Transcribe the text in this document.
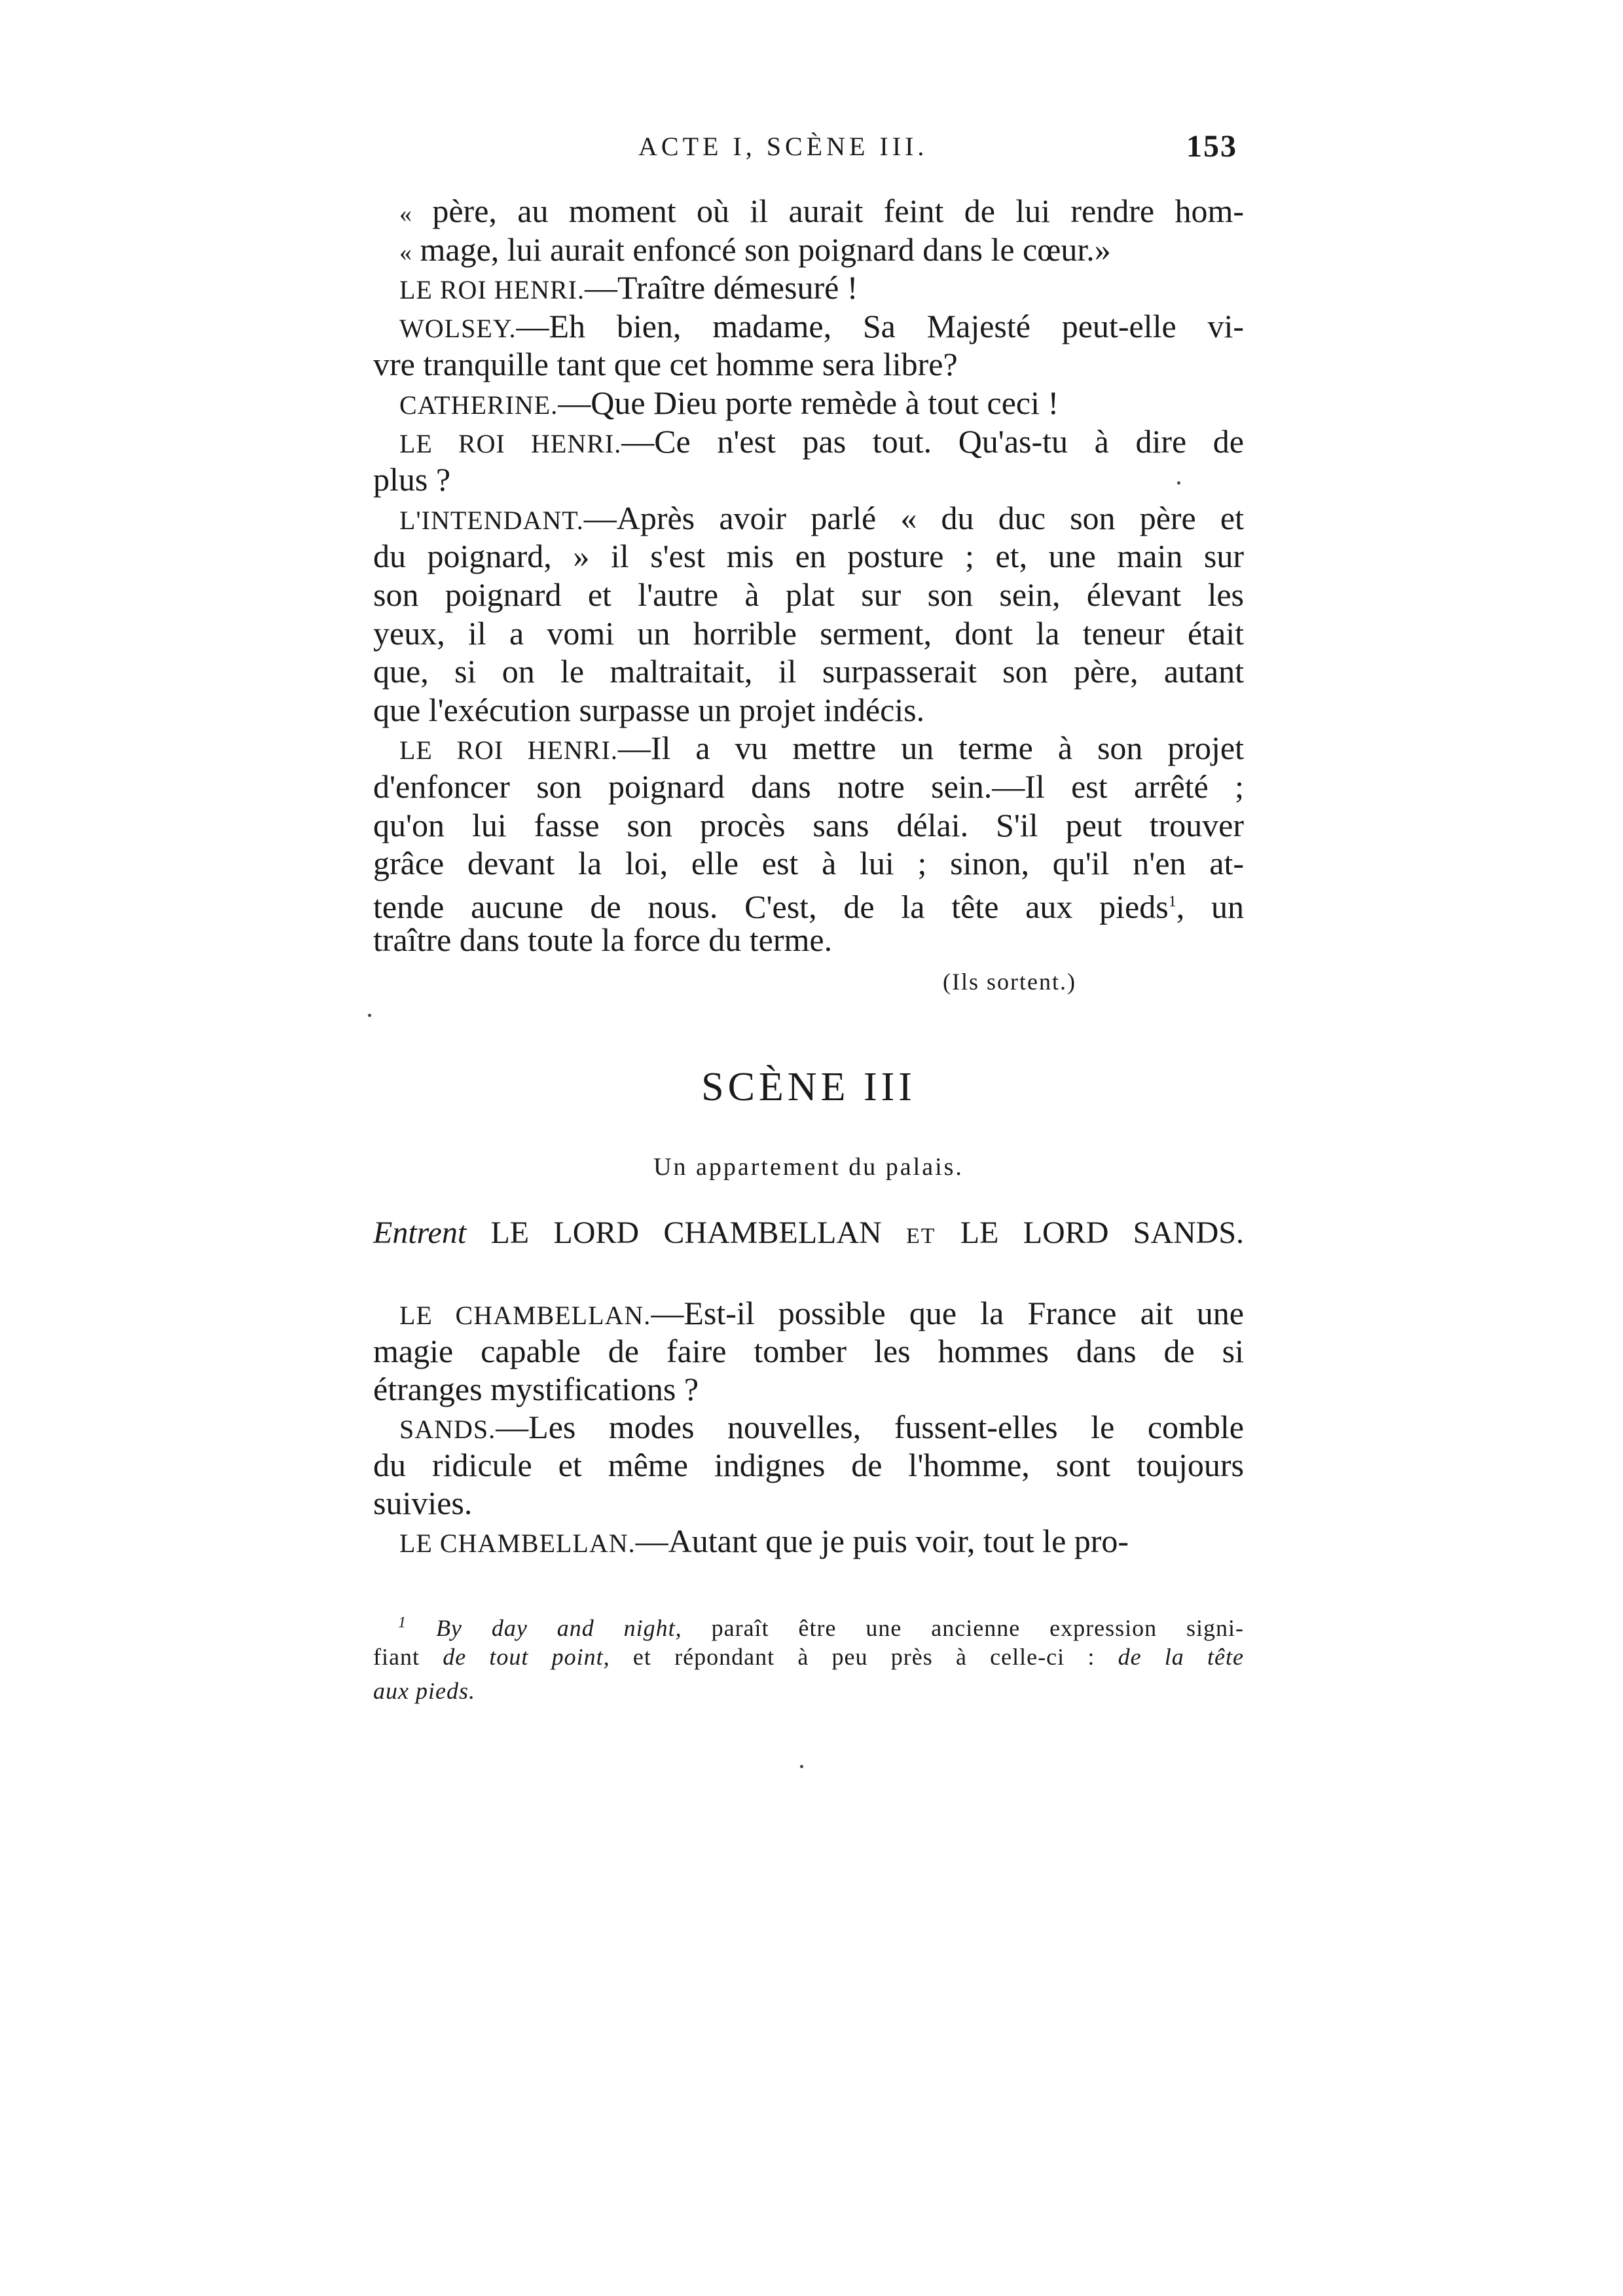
ACTE I, SCÈNE III.	153
« père, au moment où il aurait feint de lui rendre hom-
« mage, lui aurait enfoncé son poignard dans le cœur.»
LE ROI HENRI.—Traître démesuré !
WOLSEY.—Eh bien, madame, Sa Majesté peut-elle vi-
vre tranquille tant que cet homme sera libre?
CATHERINE.—Que Dieu porte remède à tout ceci !
LE ROI HENRI.—Ce n'est pas tout. Qu'as-tu à dire de
plus ?
L'INTENDANT.—Après avoir parlé « du duc son père et
du poignard, » il s'est mis en posture ; et, une main sur
son poignard et l'autre à plat sur son sein, élevant les
yeux, il a vomi un horrible serment, dont la teneur était
que, si on le maltraitait, il surpasserait son père, autant
que l'exécution surpasse un projet indécis.
LE ROI HENRI.—Il a vu mettre un terme à son projet
d'enfoncer son poignard dans notre sein.—Il est arrêté ;
qu'on lui fasse son procès sans délai. S'il peut trouver
grâce devant la loi, elle est à lui ; sinon, qu'il n'en at-
tende aucune de nous. C'est, de la tête aux pieds$^1$, un
traître dans toute la force du terme.
(Ils sortent.)
SCÈNE III
Un appartement du palais.
Entrent LE LORD CHAMBELLAN ET LE LORD SANDS.
LE CHAMBELLAN.—Est-il possible que la France ait une
magie capable de faire tomber les hommes dans de si
étranges mystifications ?
SANDS.—Les modes nouvelles, fussent-elles le comble
du ridicule et même indignes de l'homme, sont toujours
suivies.
LE CHAMBELLAN.—Autant que je puis voir, tout le pro-
$^1$ By day and night, paraît être une ancienne expression signi-
fiant de tout point, et répondant à peu près à celle-ci : de la tête
aux pieds.
